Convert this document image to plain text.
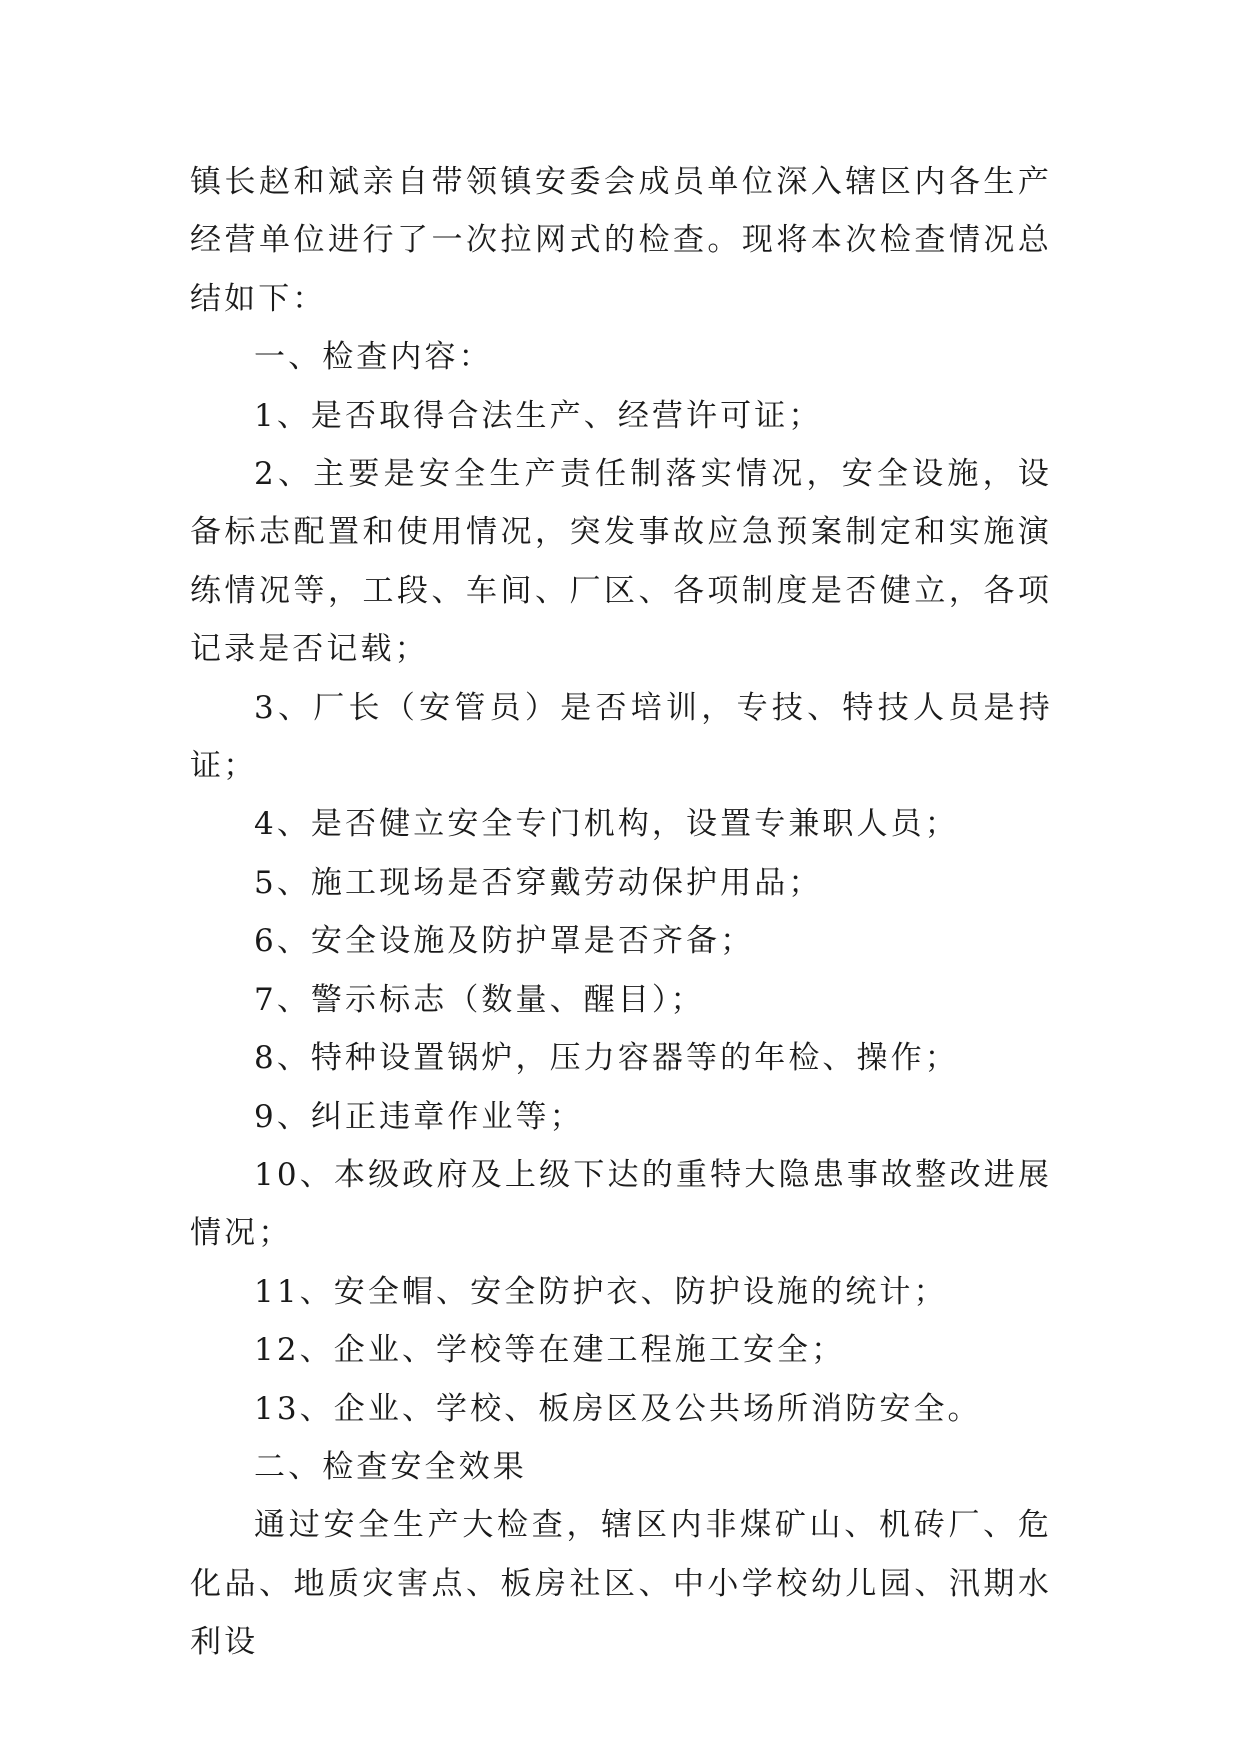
镇长赵和斌亲自带领镇安委会成员单位深入辖区内各生产经营单位进行了一次拉网式的检查。现将本次检查情况总结如下：

一、检查内容：

1、是否取得合法生产、经营许可证；

2、主要是安全生产责任制落实情况，安全设施，设备标志配置和使用情况，突发事故应急预案制定和实施演练情况等，工段、车间、厂区、各项制度是否健立，各项记录是否记载；

3、厂长（安管员）是否培训，专技、特技人员是持证；

4、是否健立安全专门机构，设置专兼职人员；

5、施工现场是否穿戴劳动保护用品；

6、安全设施及防护罩是否齐备；

7、警示标志（数量、醒目）；

8、特种设置锅炉，压力容器等的年检、操作；

9、纠正违章作业等；

10、本级政府及上级下达的重特大隐患事故整改进展情况；

11、安全帽、安全防护衣、防护设施的统计；

12、企业、学校等在建工程施工安全；

13、企业、学校、板房区及公共场所消防安全。

二、检查安全效果

通过安全生产大检查，辖区内非煤矿山、机砖厂、危化品、地质灾害点、板房社区、中小学校幼儿园、汛期水利设
